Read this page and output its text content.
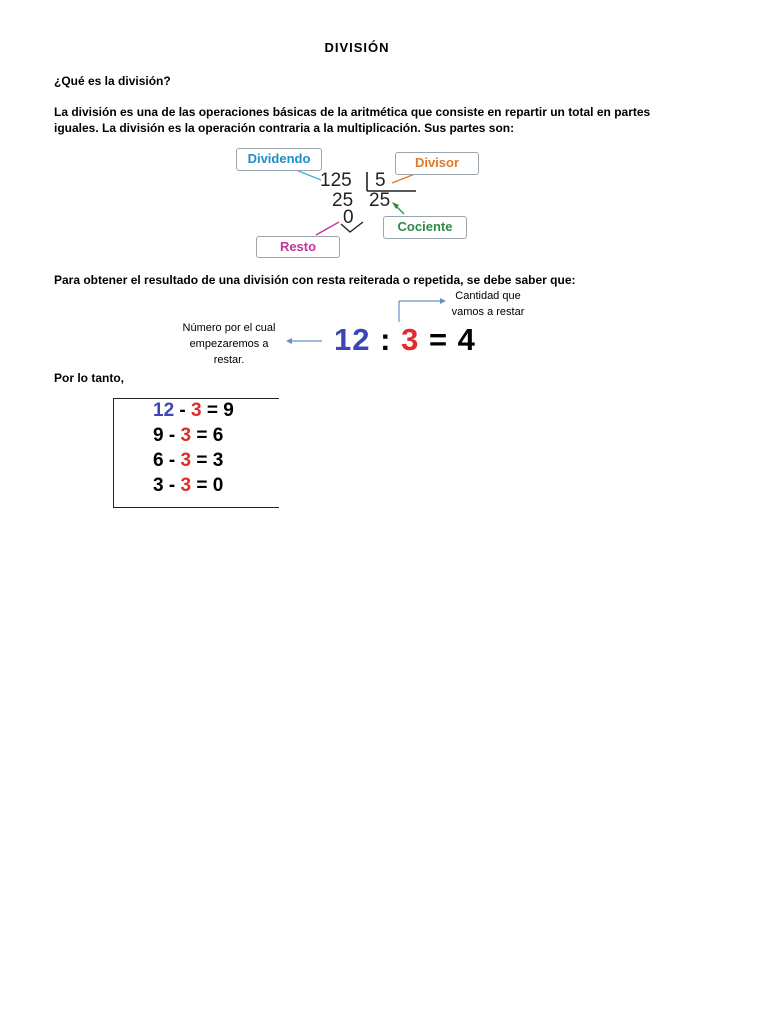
DIVISIÓN
¿Qué es la división?
La división es una de las operaciones básicas de la aritmética que consiste en repartir un total en partes
iguales. La división es la operación contraria a la multiplicación. Sus partes son:
Dividendo	Divisor
Cociente
Resto
125 5
25 25
0
Para obtener el resultado de una división con resta reiterada o repetida, se debe saber que:
Número por el cual
empezaremos a
restar.
Cantidad que
vamos a restar
12 : 3 = 4
Por lo tanto,
12 - 3 = 9
9 - 3 = 6
6 - 3 = 3
3 - 3 = 0
